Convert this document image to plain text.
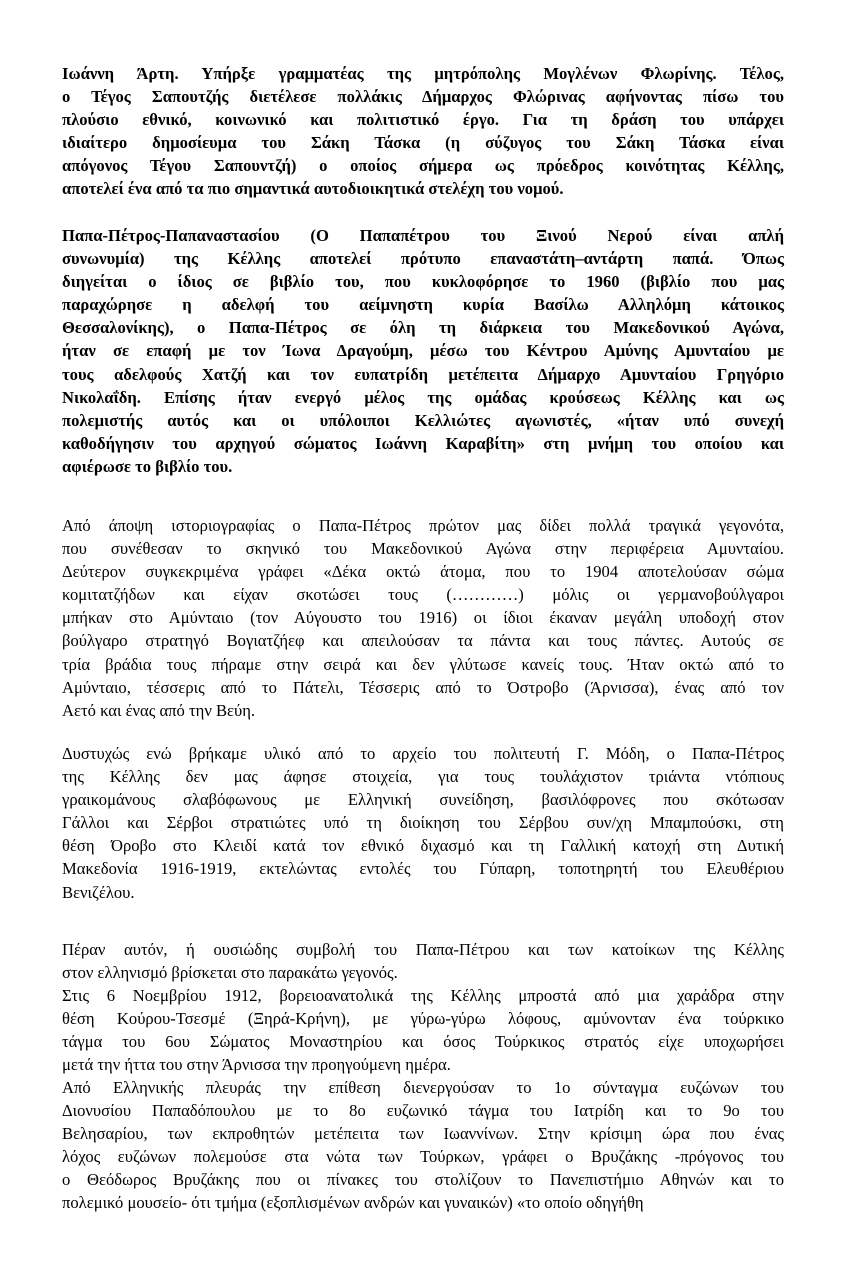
Ιωάννη Άρτη. Υπήρξε γραμματέας της μητρόπολης Μογλένων Φλωρίνης. Τέλος,
ο Τέγος Σαπουτζής διετέλεσε πολλάκις Δήμαρχος Φλώρινας αφήνοντας πίσω του
πλούσιο εθνικό, κοινωνικό και πολιτιστικό έργο. Για τη δράση του υπάρχει
ιδιαίτερο δημοσίευμα του Σάκη Τάσκα (η σύζυγος του Σάκη Τάσκα είναι
απόγονος Τέγου Σαπουντζή) ο οποίος σήμερα ως πρόεδρος κοινότητας Κέλλης,
αποτελεί ένα από τα πιο σημαντικά αυτοδιοικητικά στελέχη του νομού.
Παπα-Πέτρος-Παπαναστασίου (Ο Παπαπέτρου του Ξινού Νερού είναι απλή
συνωνυμία) της Κέλλης αποτελεί πρότυπο επαναστάτη–αντάρτη παπά. Όπως
διηγείται ο ίδιος σε βιβλίο του, που κυκλοφόρησε το 1960 (βιβλίο που μας
παραχώρησε η αδελφή του αείμνηστη κυρία Βασίλω Αλληλόμη κάτοικος
Θεσσαλονίκης), ο Παπα-Πέτρος σε όλη τη διάρκεια του Μακεδονικού Αγώνα,
ήταν σε επαφή με τον Ίωνα Δραγούμη, μέσω του Κέντρου Αμύνης Αμυνταίου με
τους αδελφούς Χατζή και τον ευπατρίδη μετέπειτα Δήμαρχο Αμυνταίου Γρηγόριο
Νικολαΐδη. Επίσης ήταν ενεργό μέλος της ομάδας κρούσεως Κέλλης και ως
πολεμιστής αυτός και οι υπόλοιποι Κελλιώτες αγωνιστές, «ήταν υπό συνεχή
καθοδήγησιν του αρχηγού σώματος Ιωάννη Καραβίτη» στη μνήμη του οποίου και
αφιέρωσε το βιβλίο του.
Από άποψη ιστοριογραφίας ο Παπα-Πέτρος πρώτον μας δίδει πολλά τραγικά γεγονότα,
που συνέθεσαν το σκηνικό του Μακεδονικού Αγώνα στην περιφέρεια Αμυνταίου.
Δεύτερον συγκεκριμένα γράφει «Δέκα οκτώ άτομα, που το 1904 αποτελούσαν σώμα
κομιτατζήδων και είχαν σκοτώσει τους (…………) μόλις οι γερμανοβούλγαροι
μπήκαν στο Αμύνταιο (τον Αύγουστο του 1916) οι ίδιοι έκαναν μεγάλη υποδοχή στον
βούλγαρο στρατηγό Βογιατζήεφ και απειλούσαν τα πάντα και τους πάντες. Αυτούς σε
τρία βράδια τους πήραμε στην σειρά και δεν γλύτωσε κανείς τους. Ήταν οκτώ από το
Αμύνταιο, τέσσερις από το Πάτελι, Τέσσερις από το Όστροβο (Άρνισσα), ένας από τον
Αετό και ένας από την Βεύη.
Δυστυχώς ενώ βρήκαμε υλικό από το αρχείο του πολιτευτή Γ. Μόδη, ο Παπα-Πέτρος
της Κέλλης δεν μας άφησε στοιχεία, για τους τουλάχιστον τριάντα ντόπιους
γραικομάνους σλαβόφωνους με Ελληνική συνείδηση, βασιλόφρονες που σκότωσαν
Γάλλοι και Σέρβοι στρατιώτες υπό τη διοίκηση του Σέρβου συν/χη Μπαμπούσκι, στη
θέση Όροβο στο Κλειδί κατά τον εθνικό διχασμό και τη Γαλλική κατοχή στη Δυτική
Μακεδονία 1916-1919, εκτελώντας εντολές του Γύπαρη, τοποτηρητή του Ελευθέριου
Βενιζέλου.
Πέραν αυτόν, ή ουσιώδης συμβολή του Παπα-Πέτρου και των κατοίκων της Κέλλης
στον ελληνισμό βρίσκεται στο παρακάτω γεγονός.
Στις 6 Νοεμβρίου 1912, βορειοανατολικά της Κέλλης μπροστά από μια χαράδρα στην
θέση Κούρου-Τσεσμέ (Ξηρά-Κρήνη), με γύρω-γύρω λόφους, αμύνονταν ένα τούρκικο
τάγμα του 6ου Σώματος Μοναστηρίου και όσος Τούρκικος στρατός είχε υποχωρήσει
μετά την ήττα του στην Άρνισσα την προηγούμενη ημέρα.
Από Ελληνικής πλευράς την επίθεση διενεργούσαν το 1ο σύνταγμα ευζώνων του
Διονυσίου Παπαδόπουλου με το 8ο ευζωνικό τάγμα του Ιατρίδη και το 9ο του
Βελησαρίου, των εκπροθητών μετέπειτα των Ιωαννίνων. Στην κρίσιμη ώρα που ένας
λόχος ευζώνων πολεμούσε στα νώτα των Τούρκων, γράφει ο Βρυζάκης -πρόγονος του
ο Θεόδωρος Βρυζάκης που οι πίνακες του στολίζουν το Πανεπιστήμιο Αθηνών και το
πολεμικό μουσείο- ότι τμήμα (εξοπλισμένων ανδρών και γυναικών) «το οποίο οδηγήθη
